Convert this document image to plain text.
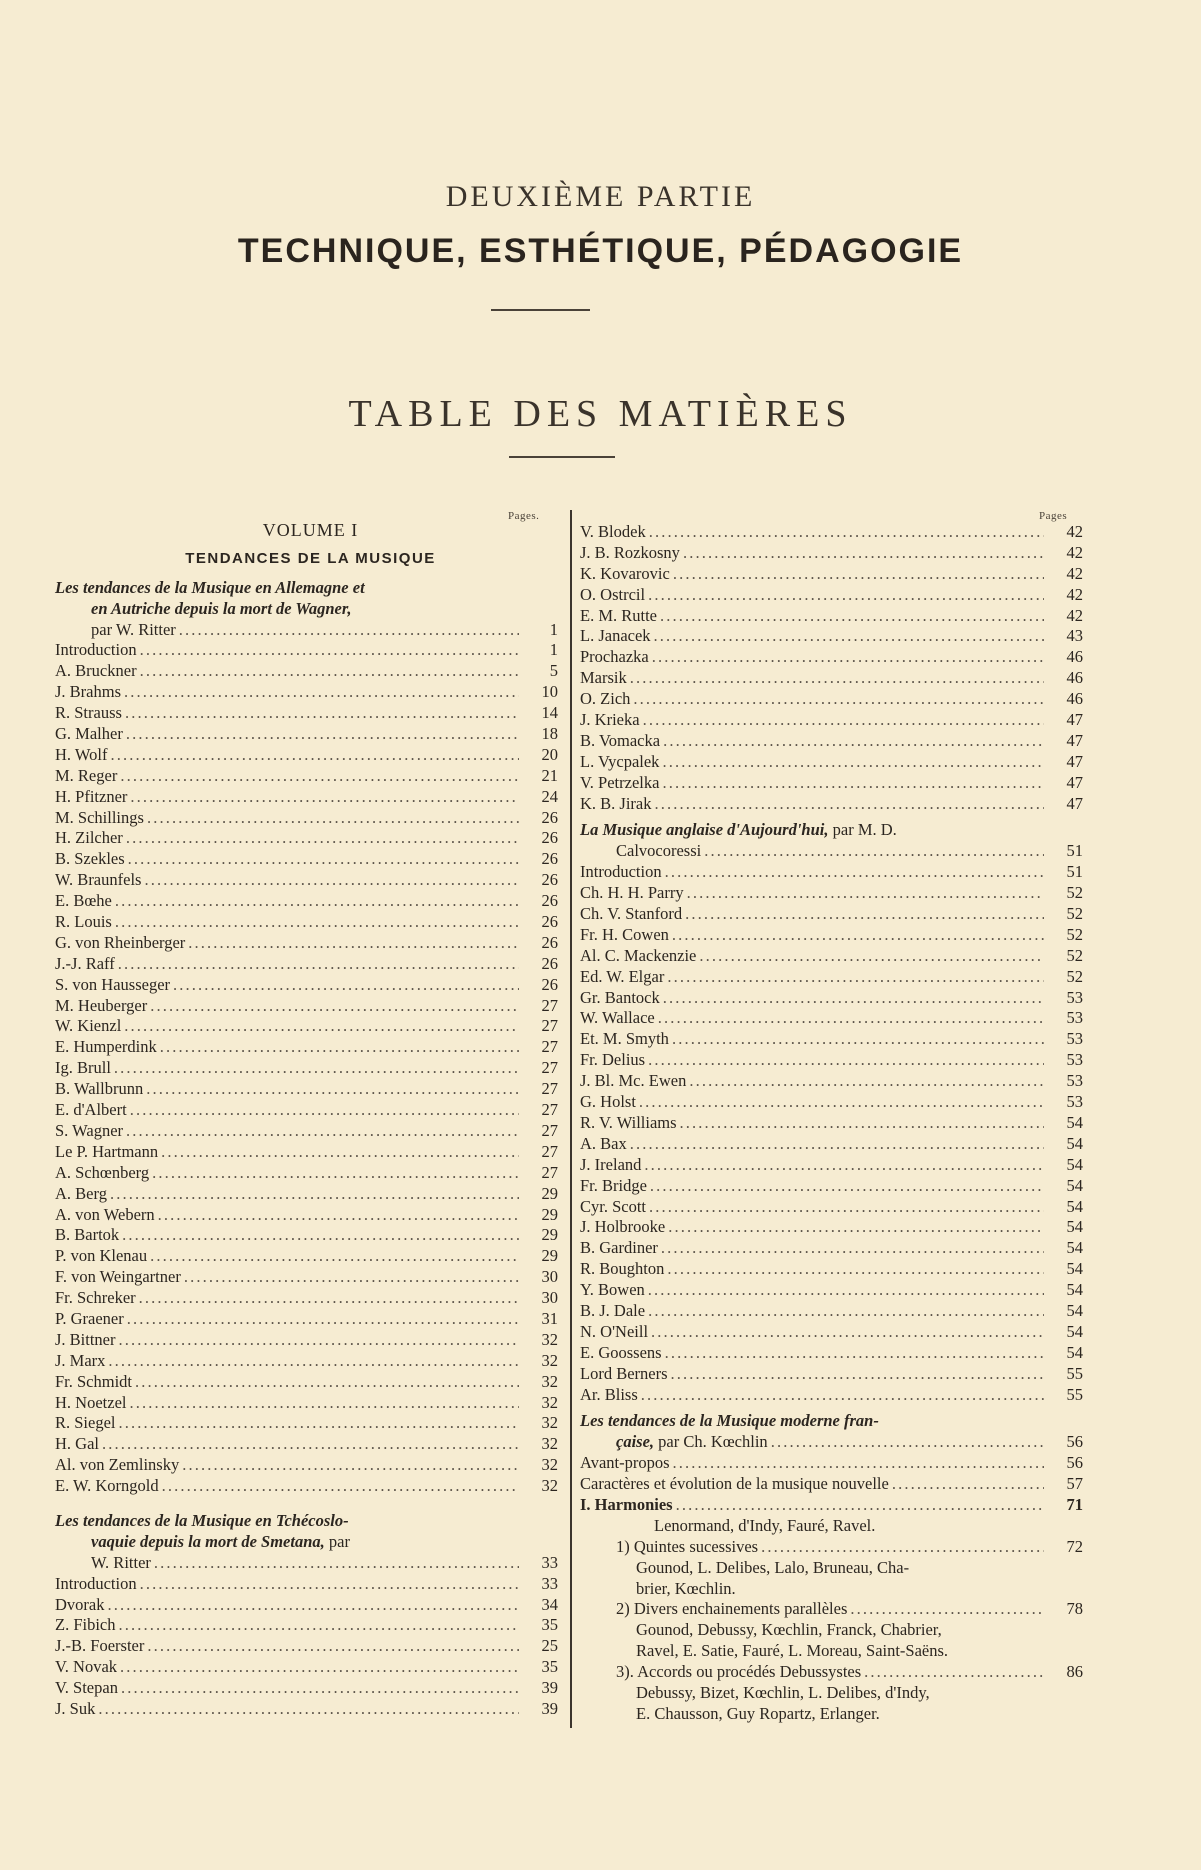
DEUXIÈME PARTIE
TECHNIQUE, ESTHÉTIQUE, PÉDAGOGIE
TABLE DES MATIÈRES
Pages.	Pages
VOLUME I
TENDANCES DE LA MUSIQUE
Les tendances de la Musique en Allemagne et
en Autriche depuis la mort de Wagner,
par W. Ritter . . .	1
Introduction . . .	1
A. Bruckner . . .	5
J. Brahms . . .	10
R. Strauss . . .	14
G. Malher . . .	18
H. Wolf . . .	20
M. Reger . . .	21
H. Pfitzner . . .	24
M. Schillings . . .	26
H. Zilcher . . .	26
B. Szekles . . .	26
W. Braunfels . . .	26
E. Bœhe . . .	26
R. Louis . . .	26
G. von Rheinberger . . .	26
J.-J. Raff . . .	26
S. von Hausseger . . .	26
M. Heuberger . . .	27
W. Kienzl . . .	27
E. Humperdink . . .	27
Ig. Brull . . .	27
B. Wallbrunn . . .	27
E. d'Albert . . .	27
S. Wagner . . .	27
Le P. Hartmann . . .	27
A. Schœnberg . . .	27
A. Berg . . .	29
A. von Webern . . .	29
B. Bartok . . .	29
P. von Klenau . . .	29
F. von Weingartner . . .	30
Fr. Schreker . . .	30
P. Graener . . .	31
J. Bittner . . .	32
J. Marx . . .	32
Fr. Schmidt . . .	32
H. Noetzel . . .	32
R. Siegel . . .	32
H. Gal . . .	32
Al. von Zemlinsky . . .	32
E. W. Korngold . . .	32
Les tendances de la Musique en Tchécoslo-
vaquie depuis la mort de Smetana, par
W. Ritter . . .	33
Introduction . . .	33
Dvorak . . .	34
Z. Fibich . . .	35
J.-B. Foerster . . .	25
V. Novak . . .	35
V. Stepan . . .	39
J. Suk . . .	39
V. Blodek . . .	42
J. B. Rozkosny . . .	42
K. Kovarovic . . .	42
O. Ostrcil . . .	42
E. M. Rutte . . .	42
L. Janacek . . .	43
Prochazka . . .	46
Marsik . . .	46
O. Zich . . .	46
J. Krieka . . .	47
B. Vomacka . . .	47
L. Vycpalek . . .	47
V. Petrzelka . . .	47
K. B. Jirak . . .	47
La Musique anglaise d'Aujourd'hui, par M. D.
Calvocoressi . . .	51
Introduction . . .	51
Ch. H. H. Parry . . .	52
Ch. V. Stanford . . .	52
Fr. H. Cowen . . .	52
Al. C. Mackenzie . . .	52
Ed. W. Elgar . . .	52
Gr. Bantock . . .	53
W. Wallace . . .	53
Et. M. Smyth . . .	53
Fr. Delius . . .	53
J. Bl. Mc. Ewen . . .	53
G. Holst . . .	53
R. V. Williams . . .	54
A. Bax . . .	54
J. Ireland . . .	54
Fr. Bridge . . .	54
Cyr. Scott . . .	54
J. Holbrooke . . .	54
B. Gardiner . . .	54
R. Boughton . . .	54
Y. Bowen . . .	54
B. J. Dale . . .	54
N. O'Neill . . .	54
E. Goossens . . .	54
Lord Berners . . .	55
Ar. Bliss . . .	55
Les tendances de la Musique moderne fran-
çaise, par Ch. Kœchlin . . .	56
Avant-propos . . .	56
Caractères et évolution de la musique nouvelle . . .	57
I. Harmonies . . .	71
Lenormand, d'Indy, Fauré, Ravel.
1) Quintes sucessives . . .	72
Gounod, L. Delibes, Lalo, Bruneau, Cha-
brier, Kœchlin.
2) Divers enchainements parallèles . . .	78
Gounod, Debussy, Kœchlin, Franck, Chabrier,
Ravel, E. Satie, Fauré, L. Moreau, Saint-Saëns.
3). Accords ou procédés Debussystes . . .	86
Debussy, Bizet, Kœchlin, L. Delibes, d'Indy,
E. Chausson, Guy Ropartz, Erlanger.
